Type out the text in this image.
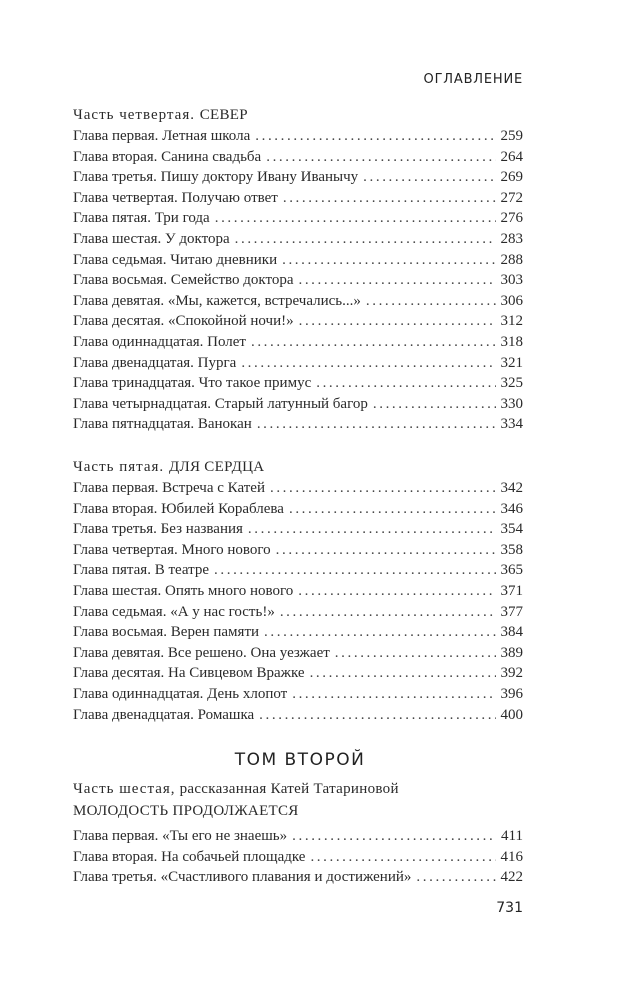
ОГЛАВЛЕНИЕ
Часть четвертая. СЕВЕР
Глава первая. Летная школа .....	259
Глава вторая. Санина свадьба .....	264
Глава третья. Пишу доктору Ивану Иванычу .....	269
Глава четвертая. Получаю ответ .....	272
Глава пятая. Три года .....	276
Глава шестая. У доктора .....	283
Глава седьмая. Читаю дневники .....	288
Глава восьмая. Семейство доктора .....	303
Глава девятая. «Мы, кажется, встречались...» .....	306
Глава десятая. «Спокойной ночи!» .....	312
Глава одиннадцатая. Полет .....	318
Глава двенадцатая. Пурга .....	321
Глава тринадцатая. Что такое примус .....	325
Глава четырнадцатая. Старый латунный багор .....	330
Глава пятнадцатая. Ванокан .....	334
Часть пятая. ДЛЯ СЕРДЦА
Глава первая. Встреча с Катей .....	342
Глава вторая. Юбилей Кораблева .....	346
Глава третья. Без названия .....	354
Глава четвертая. Много нового .....	358
Глава пятая. В театре .....	365
Глава шестая. Опять много нового .....	371
Глава седьмая. «А у нас гость!» .....	377
Глава восьмая. Верен памяти .....	384
Глава девятая. Все решено. Она уезжает .....	389
Глава десятая. На Сивцевом Вражке .....	392
Глава одиннадцатая. День хлопот .....	396
Глава двенадцатая. Ромашка .....	400
ТОМ ВТОРОЙ
Часть шестая, рассказанная Катей Татариновой
МОЛОДОСТЬ ПРОДОЛЖАЕТСЯ
Глава первая. «Ты его не знаешь» .....	411
Глава вторая. На собачьей площадке .....	416
Глава третья. «Счастливого плавания и достижений» .....	422
731
